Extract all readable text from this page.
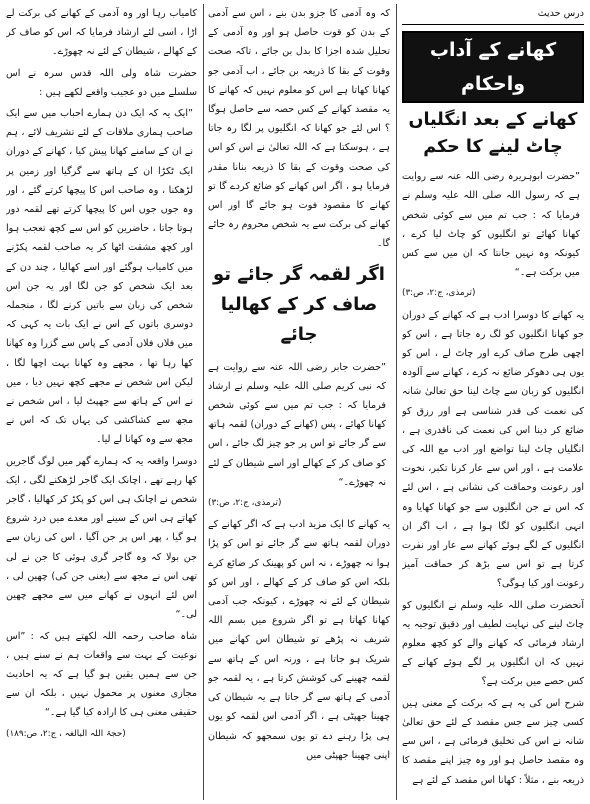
درس حدیث
کھانے کے آداب واحکام
کھانے کے بعد انگلیاں چاٹ لینے کا حکم

”حضرت ابوہریرہ رضی اللہ عنہ سے روایت ہے کہ رسول اللہ صلی اللہ علیہ وسلم نے فرمایا کہ : جب تم میں سے کوئی شخص کھانا کھائے تو انگلیوں کو چاٹ لیا کرے ، کیونکہ وہ نہیں جانتا کہ ان میں سے کس میں برکت ہے۔“

(ترمذی، ج:۲، ص:۳)

یہ کھانے کا دوسرا ادب ہے کہ کھانے کے دوران جو کھانا انگلیوں کو لگ رہ جاتا ہے ، اس کو اچھی طرح صاف کرے اور چاٹ لے ، اس کو یوں ہی دھوکر ضائع نہ کرے ، کھانے سے آلودہ انگلیوں کو زبان سے چاٹ لینا حق تعالیٰ شانہ کی نعمت کی قدر شناسی ہے اور رزق کو ضائع کر دینا اس کی نعمت کی ناقدری ہے ، انگلیاں چاٹ لینا تواضع اور ادب مع اللہ کی علامت ہے ، اور اس سے عار کرنا تکبر، نخوت اور رعونت وحماقت کی نشانی ہے ، اس لئے کہ اس نے جن انگلیوں سے جو کھانا کھایا وہ انہی انگلیوں کو لگا ہوا ہے ، اب اگر ان انگلیوں کے لگے ہوئے کھانے سے عار اور نفرت کرتا ہے تو اس سے بڑھ کر حماقت آمیز رعونت اور کیا ہوگی؟

آنحضرت صلی اللہ علیہ وسلم نے انگلیوں کو چاٹ لینے کی نہایت لطیف اور دقیق توجیہ یہ ارشاد فرمائی کہ کھانے والے کو کچھ معلوم نہیں کہ ان انگلیوں پر لگے ہوئے کھانے کے کس حصے میں برکت ہے؟

شرح اس کی یہ ہے کہ برکت کے معنی ہیں کسی چیز سے جس مقصد کے لئے حق تعالیٰ شانہ نے اس کی تخلیق فرمائی ہے ، اس سے وہ مقصد حاصل ہو اور وہ چیز اپنے مقصد کا ذریعہ بنے ، مثلاً : کھانا اس مقصد کے لئے ہے

کہ وہ آدمی کا جزو بدن بنے ، اس سے آدمی کے بدن کو قوت حاصل ہو اور وہ آدمی کے تحلیل شدہ اجزا کا بدل بن جائے ، تاکہ صحت وقوت کے بقا کا ذریعہ بن جائے ، اب آدمی جو کھانا کھاتا ہے اس کو معلوم نہیں کہ کھانے کا یہ مقصد کھانے کے کس حصہ سے حاصل ہوگا ؟ اس لئے جو کھانا کہ انگلیوں پر لگا رہ جاتا ہے ، ہوسکتا ہے کہ اللہ تعالیٰ نے اس کو اس کی صحت وقوت کے بقا کا ذریعہ بنانا مقدر فرمایا ہو ، اگر اس کھانے کو ضائع کردے گا تو کھانے کا مقصود فوت ہو جائے گا اور اس کھانے کی برکت سے یہ شخص محروم رہ جائے گا۔

اگر لقمہ گر جائے تو صاف کر کے کھالیا جائے

”حضرت جابر رضی اللہ عنہ سے روایت ہے کہ نبی کریم صلی اللہ علیہ وسلم نے ارشاد فرمایا کہ : جب تم میں سے کوئی شخص کھانا کھائے ، پس (کھانے کے دوران) لقمہ ہاتھ سے گر جائے تو اس پر جو چیز لگ جائے ، اس کو صاف کر کے کھالے اور اسے شیطان کے لئے نہ چھوڑے۔“

(ترمذی، ج:۲، ص:۳)

یہ کھانے کا ایک مزید ادب ہے کہ اگر کھانے کے دوران لقمہ ہاتھ سے گر جائے تو اس کو پڑا ہوا نہ چھوڑے ، نہ اس کو پھینک کر ضائع کرے بلکہ اس کو صاف کر کے کھالے ، اور اس کو شیطان کے لئے نہ چھوڑے ، کیونکہ جب آدمی کھانا کھاتا ہے تو اگر شروع میں بسم اللہ شریف نہ پڑھے تو شیطان اس کھانے میں شریک ہو جاتا ہے ، ورنہ اس کے ہاتھ سے لقمہ چھینے کی کوشش کرتا ہے ، یہ لقمہ جو آدمی کے ہاتھ سے گر جاتا ہے یہ شیطان کی چھینا جھپٹی ہے ، اگر آدمی اس لقمہ کو یوں ہی پڑا رہنے دے تو یوں سمجھو کہ شیطان اپنی چھینا جھپٹی میں

کامیاب رہا اور وہ آدمی کے کھانے کی برکت لے اڑا ، اسی لئے ارشاد فرمایا کہ اس کو صاف کر کے کھالے ، شیطان کے لئے نہ چھوڑے۔

حضرت شاہ ولی اللہ قدس سرہ نے اس سلسلے میں دو عجیب واقعے لکھے ہیں :

”ایک یہ کہ ایک دن ہمارے احباب میں سے ایک صاحب ہماری ملاقات کے لئے تشریف لائے ، ہم نے ان کے سامنے کھانا پیش کیا ، کھانے کے دوران ایک ٹکڑا ان کے ہاتھ سے گرگیا اور زمین پر لڑھکنا ، وہ صاحب اس کا پیچھا کرتے گئے ، اور وہ جوں جوں اس کا پیچھا کرتے تھے لقمہ دور ہوتا جاتا ، حاضرین کو اس سے کچھ تعجب ہوا اور کچھ مشقت اٹھا کر یہ صاحب لقمہ پکڑنے میں کامیاب ہوگئے اور اسے کھالیا ، چند دن کے بعد ایک شخص کو جن لگا اور یہ جن اس شخص کی زبان سے باتیں کرنے لگا ، منجملہ دوسری باتوں کے اس نے ایک بات یہ کہی کہ میں فلاں فلاں آدمی کے پاس سے گزرا وہ کھانا کھا رہا تھا ، مجھے وہ کھانا بہت اچھا لگا ، لیکن اس شخص نے مجھے کچھ نہیں دیا ، میں نے اس کے ہاتھ سے جھپٹ لیا ، اس شخص نے مجھ سے کشاکشی کی یہاں تک کہ اس نے مجھ سے وہ کھانا لے لیا۔

دوسرا واقعہ یہ کہ ہمارے گھر میں لوگ گاجریں کھا رہے تھے ، اچانک ایک گاجر لڑھکنے لگی ، ایک شخص نے اچانک ہی اس کو پکڑ کر کھالیا ، گاجر کھاتے ہی اس کے سینے اور معدے میں درد شروع ہو گیا ، پھر اس پر جن آگیا ، اس کی زبان سے جن بولا کہ وہ گاجر گری ہوئی کا جن نے لی تھی اس نے مجھ سے (یعنی جن کی) چھین لی ، اس لئے انہوں نے کھانے میں سے مجھے چھین لی۔“

شاہ صاحب رحمہ اللہ لکھتے ہیں کہ : ”اس نوعیت کے بہت سے واقعات ہم نے سنے ہیں ، جن سے ہمیں یقین ہو گیا ہے کہ یہ احادیث مجازی معنوں پر محمول نہیں ، بلکہ ان سے حقیقی معنی ہی کا ارادہ کیا گیا ہے۔“

(حجۃ اللہ البالغہ ، ج:۲، ص:۱۸۹)
